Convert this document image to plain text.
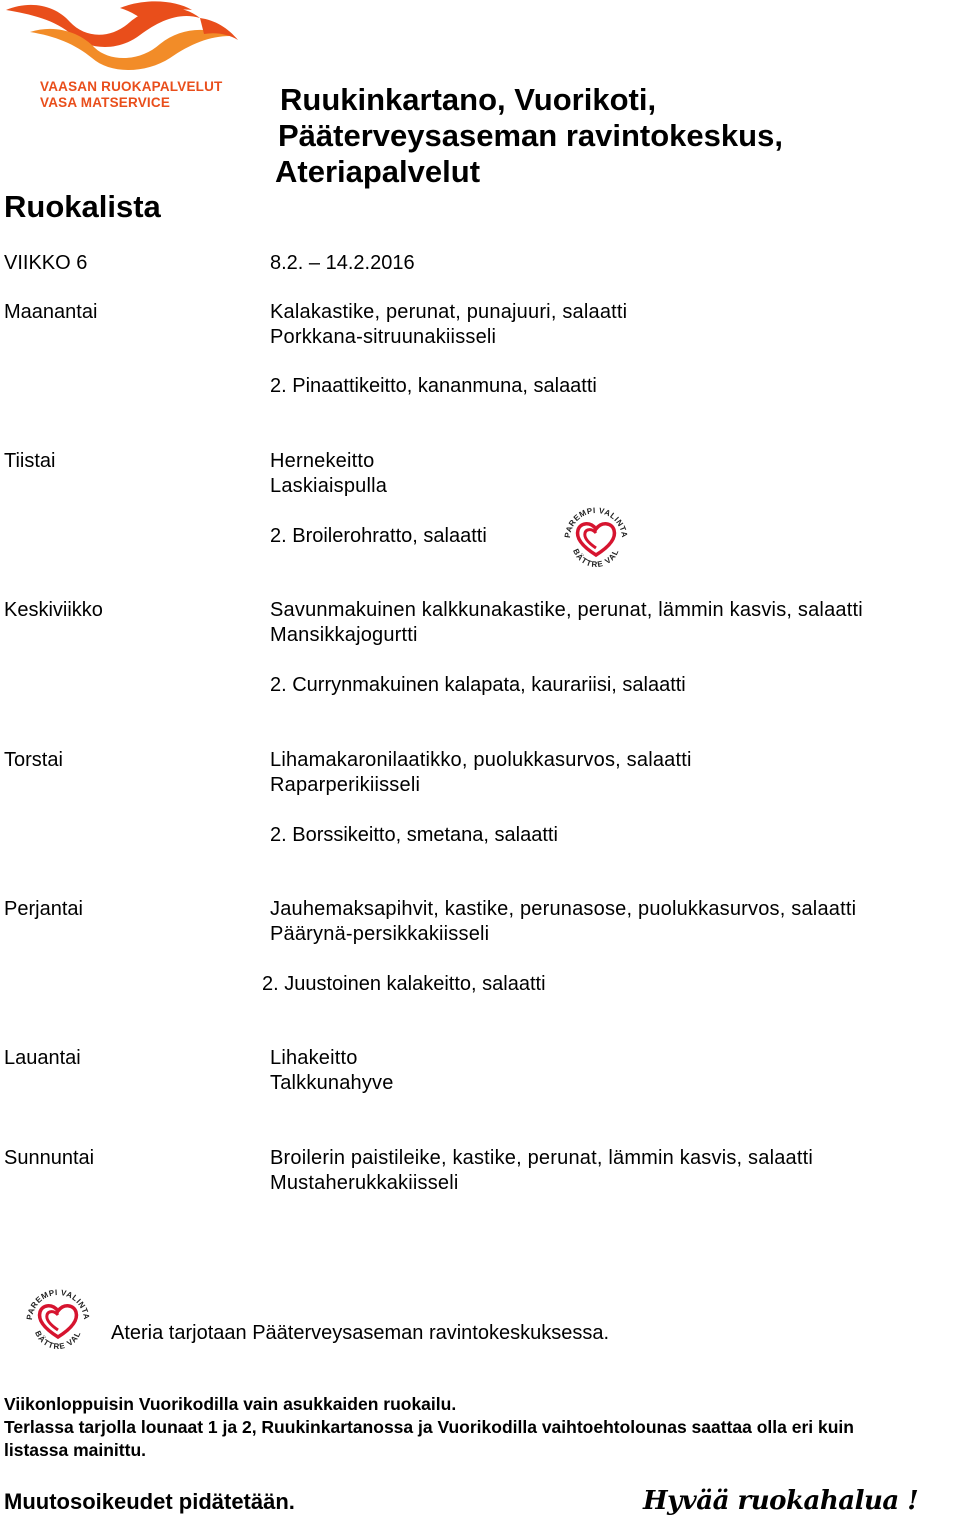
VAASAN RUOKAPALVELUT
VASA MATSERVICE	Ruukinkartano, Vuorikoti,
Pääterveysaseman ravintokeskus,
Ateriapalvelut
Ruokalista
VIIKKO 6	8.2. – 14.2.2016
Maanantai	Kalakastike, perunat, punajuuri, salaatti
Porkkana-sitruunakiisseli
2. Pinaattikeitto, kananmuna, salaatti
Tiistai	Hernekeitto
Laskiaispulla
2. Broilerohratto, salaatti	PAREMPI VALINTA
BÄTTRE VAL
Keskiviikko	Savunmakuinen kalkkunakastike, perunat, lämmin kasvis, salaatti
Mansikkajogurtti
2. Currynmakuinen kalapata, kaurariisi, salaatti
Torstai	Lihamakaronilaatikko, puolukkasurvos, salaatti
Raparperikiisseli
2. Borssikeitto, smetana, salaatti
Perjantai	Jauhemaksapihvit, kastike, perunasose, puolukkasurvos, salaatti
Päärynä-persikkakiisseli
2. Juustoinen kalakeitto, salaatti
Lauantai	Lihakeitto
Talkkunahyve
Sunnuntai	Broilerin paistileike, kastike, perunat, lämmin kasvis, salaatti
Mustaherukkakiisseli
PAREMPI VALINTA
BÄTTRE VAL Ateria tarjotaan Pääterveysaseman ravintokeskuksessa.
Viikonloppuisin Vuorikodilla vain asukkaiden ruokailu.
Terlassa tarjolla lounaat 1 ja 2, Ruukinkartanossa ja Vuorikodilla vaihtoehtolounas saattaa olla eri kuin
listassa mainittu.
Muutosoikeudet pidätetään.	Hyvää ruokahalua !
